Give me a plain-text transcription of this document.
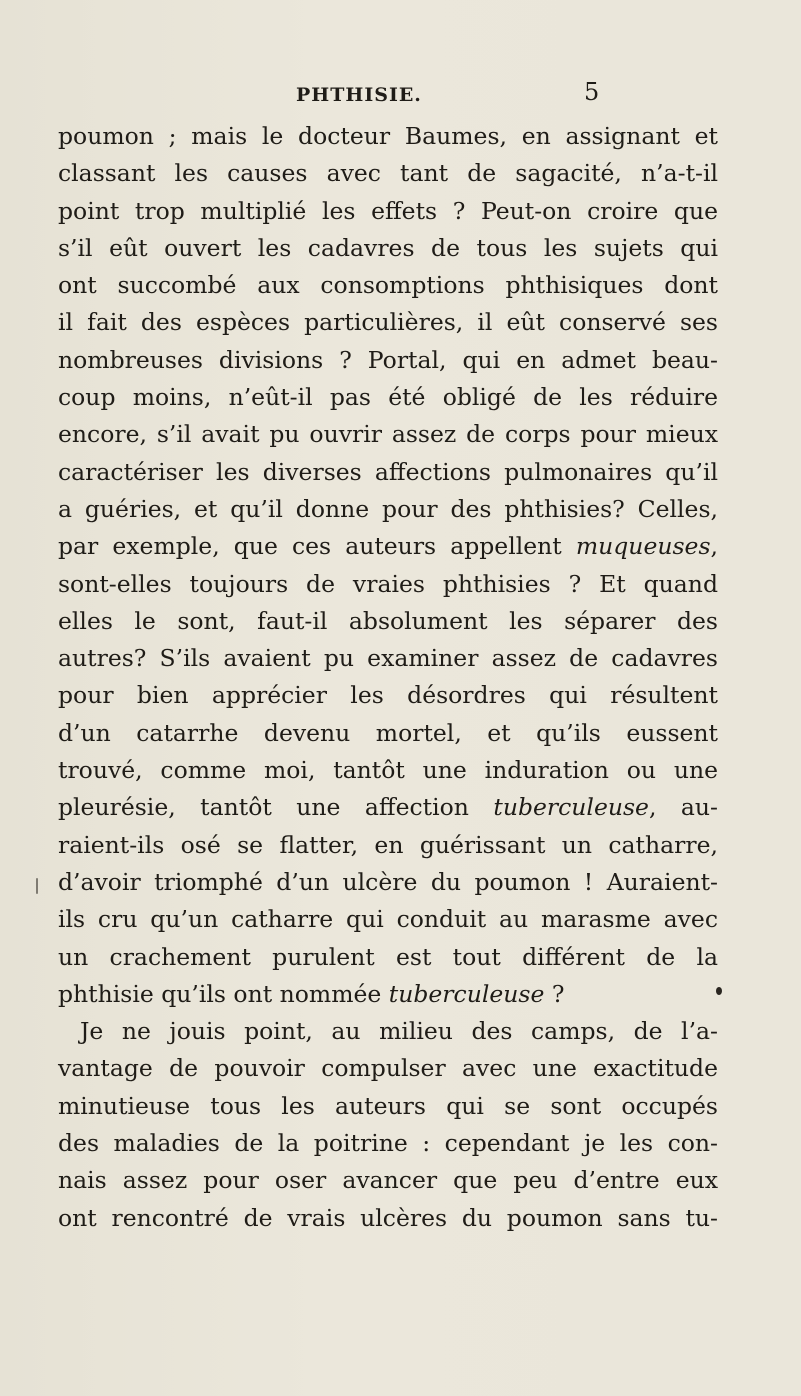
PHTHISIE.	5
poumon ; mais le docteur Baumes, en assignant et
classant les causes avec tant de sagacité, n’a-t-il
point trop multiplié les effets ? Peut-on croire que
s’il eût ouvert les cadavres de tous les sujets qui
ont succombé aux consomptions phthisiques dont
il fait des espèces particulières, il eût conservé ses
nombreuses divisions ? Portal, qui en admet beau-
coup moins, n’eût-il pas été obligé de les réduire
encore, s’il avait pu ouvrir assez de corps pour mieux
caractériser les diverses affections pulmonaires qu’il
a guéries, et qu’il donne pour des phthisies? Celles,
par exemple, que ces auteurs appellent muqueuses,
sont-elles toujours de vraies phthisies ? Et quand
elles le sont, faut-il absolument les séparer des
autres? S’ils avaient pu examiner assez de cadavres
pour bien apprécier les désordres qui résultent
d’un catarrhe devenu mortel, et qu’ils eussent
trouvé, comme moi, tantôt une induration ou une
pleurésie, tantôt une affection tuberculeuse, au-
raient-ils osé se flatter, en guérissant un catharre,
d’avoir triomphé d’un ulcère du poumon ! Auraient-
ils cru qu’un catharre qui conduit au marasme avec
un crachement purulent est tout différent de la
phthisie qu’ils ont nommée tuberculeuse ?
Je ne jouis point, au milieu des camps, de l’a-
vantage de pouvoir compulser avec une exactitude
minutieuse tous les auteurs qui se sont occupés
des maladies de la poitrine : cependant je les con-
nais assez pour oser avancer que peu d’entre eux
ont rencontré de vrais ulcères du poumon sans tu-
